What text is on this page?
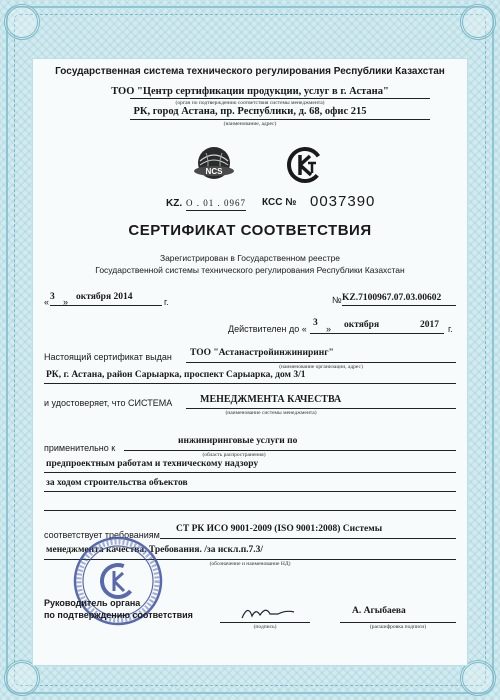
Государственная система технического регулирования Республики Казахстан
ТОО "Центр сертификации продукции, услуг в г. Астана"
(орган по подтверждению соответствия системы менеджмента)
РК, город Астана, пр. Республики, д. 68, офис 215
(наименование, адрес)
NCS
KZ. О . 01 . 0967 КСС № 0037390
СЕРТИФИКАТ СООТВЕТСТВИЯ
Зарегистрирован в Государственном реестре
Государственной системы технического регулирования Республики Казахстан
« 3 » октября 2014	г.	№ KZ.7100967.07.03.00602
Действителен до «
3
» октября	2017 г.
Настоящий сертификат выдан ТОО "Астанастройинжиниринг"
(наименование организации, адрес)
РК, г. Астана, район Сарыарка, проспект Сарыарка, дом 3/1
и удостоверяет, что СИСТЕМА	МЕНЕДЖМЕНТА КАЧЕСТВА
(наименование системы менеджмента)
применительно к
инжиниринговые услуги по
(область распространения)
предпроектным работам и техническому надзору
за ходом строительства объектов
соответствует требованиям
СТ РК ИСО 9001-2009 (ISO 9001:2008) Системы
менеджмента качества. Требования. /за искл.п.7.3/
(обозначение и наименование НД)
Руководитель органа
по подтверждению соответствия
(подпись)
А. Агыбаева
(расшифровка подписи)
